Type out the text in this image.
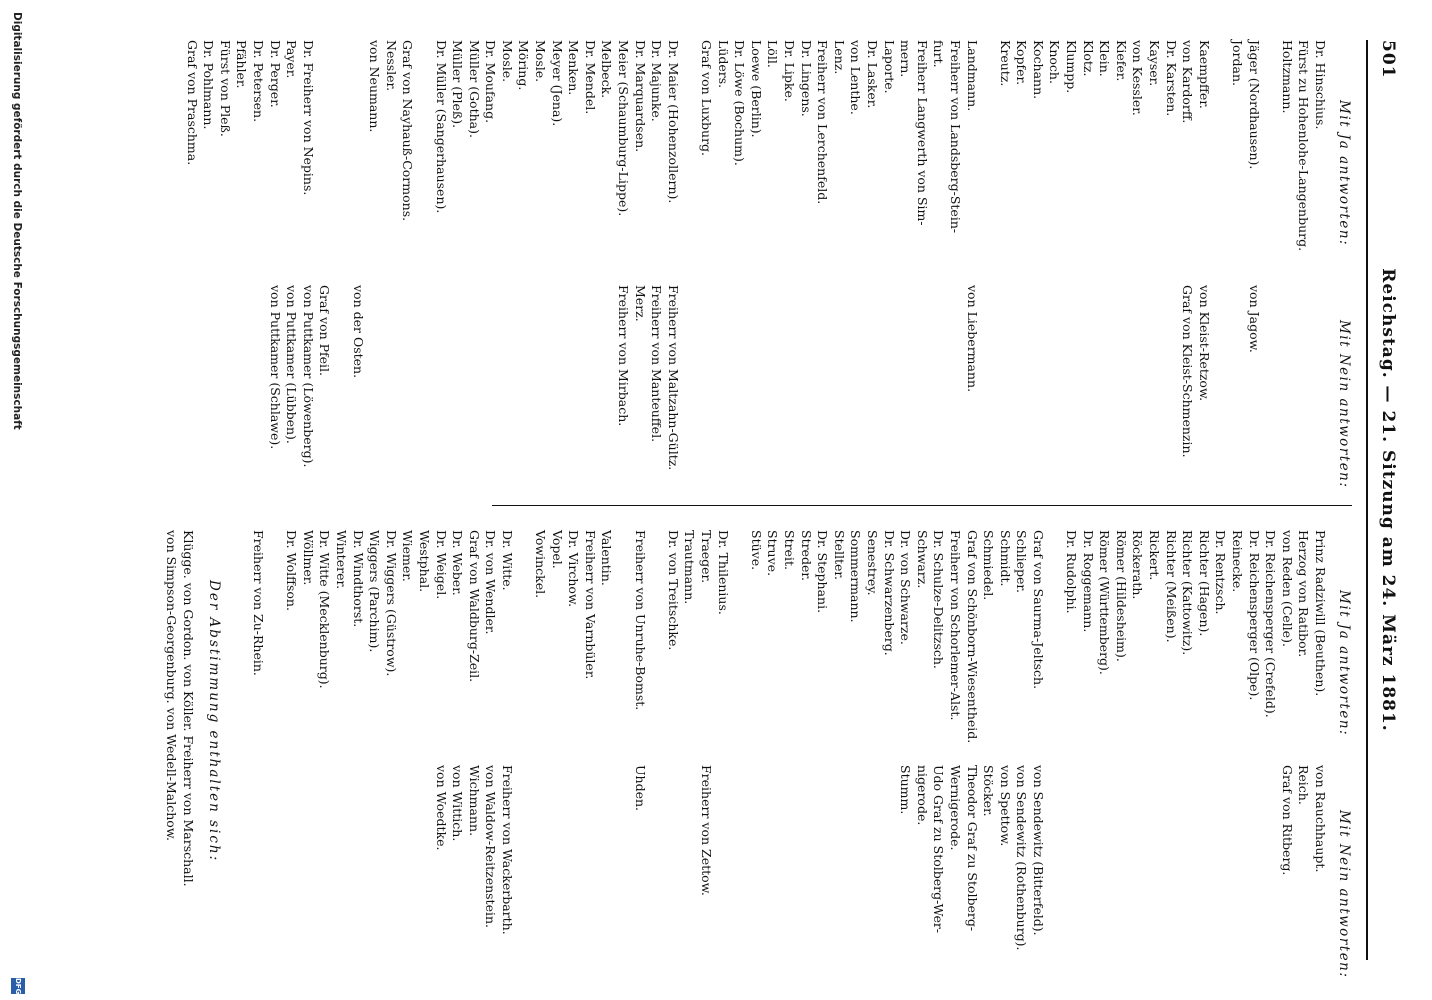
501
Reichstag. — 21. Sitzung am 24. März 1881.
Mit Ja antworten:
Mit Nein antworten:
Dr. Hinschius.
Fürst zu Hohenlohe-Langenburg.
Holtzmann.
Jäger (Nordhausen).
Jordan.
Kaempffer.
von Kardorff.
Dr. Karsten.
Kayser.
von Kessler.
Kiefer.
Klein.
Klotz.
Klumpp.
Knoch.
Kochann.
Kopfer.
Kreutz.
Landmann.
Freiherr von Landsberg-Stein-
furt.
Freiherr Langwerth von Sim-
mern.
Laporte.
Dr. Lasker.
von Lenthe.
Lenz.
Freiherr von Lerchenfeld.
Dr. Lingens.
Dr. Lipke.
Löll.
Loewe (Berlin).
Dr. Löwe (Bochum).
Lüders.
Graf von Luxburg.
Dr. Maier (Hohenzollern).
Dr. Majunke.
Dr. Marquardsen.
Meier (Schaumburg-Lippe).
Melbeck.
Dr. Mendel.
Menken.
Meyer (Jena).
Mosle.
Möring.
Mosle.
Dr. Moufang.
Müller (Gotha).
Müller (Pleß).
Dr. Müller (Sangerhausen).
Graf von Nayhauß-Cormons.
Nessler.
von Neumann.
Dr. Freiherr von Nepins.
Payer.
Dr. Perger.
Dr. Petersen.
Pfähler.
Fürst von Pleß.
Dr. Pohlmann.
Graf von Praschma.
von Jagow.
von Kleist-Retzow.
Graf von Kleist-Schmenzin.
von Liebermann.
Freiherr von Maltzahn-Gültz.
Freiherr von Manteuffel.
Merz.
Freiherr von Mirbach.
von der Osten.
Graf von Pfeil.
von Puttkamer (Löwenberg).
von Puttkamer (Lübben).
von Puttkamer (Schlawe).
Mit Ja antworten:
Mit Nein antworten:
Prinz Radziwill (Beuthen).
Herzog von Ratibor.
von Reden (Celle).
Dr. Reichensperger (Crefeld).
Dr. Reichensperger (Olpe).
Reinecke.
Dr. Rentzsch.
Richter (Hagen).
Richter (Kattowitz).
Richter (Meißen).
Rickert.
Röckerath.
Römer (Hildesheim).
Römer (Württemberg).
Dr. Roggemann.
Dr. Rudolphi.
Graf von Saurma-Jeltsch.
Schlieper.
Schmidt.
Schmiedel.
Graf von Schönborn-Wiesentheid.
Freiherr von Schorlemer-Alst.
Dr. Schulze-Delitzsch.
Schwarz.
Dr. von Schwarze.
Dr. Schwarzenberg.
Senestrey.
Sommermann.
Stellter.
Dr. Stephani.
Streder.
Streit.
Struve.
Stüve.
Dr. Thilenius.
Traeger.
Trautmann.
Dr. von Treitschke.
Freiherr von Unruhe-Bomst.
Valentin.
Freiherr von Varnbüler.
Dr. Virchow.
Vopel.
Vowinckel.
Dr. Witte.
Dr. von Wendler.
Graf von Waldburg-Zeil.
Dr. Weber.
Dr. Weigel.
Westphal.
Wiemer.
Dr. Wiggers (Güstrow).
Wiggers (Parchim).
Dr. Windthorst.
Winterer.
Dr. Witte (Mecklenburg).
Wöllmer.
Dr. Wolffson.
Freiherr von Zu-Rhein.
von Rauchhaupt.
Reich.
Graf von Ritberg.
von Sendewitz (Bitterfeld).
von Sendewitz (Rothenburg).
von Spettow.
Stöcker.
Theodor Graf zu Stolberg-
Wernigerode.
Udo Graf zu Stolberg-Wer-
nigerode.
Stumm.
Freiherr von Zettow.
Uhden.
Freiherr von Wackerbarth.
von Waldow-Reitzenstein.
Wichmann.
von Wittich.
von Woedtke.
Der Abstimmung enthalten sich:
Klügge. von Gordon. von Köller. Freiherr von Marschall.
von Simpson-Georgenburg. von Wedell-Malchow.
Digitalisierung gefördert durch die Deutsche Forschungsgemeinschaft
DFG
